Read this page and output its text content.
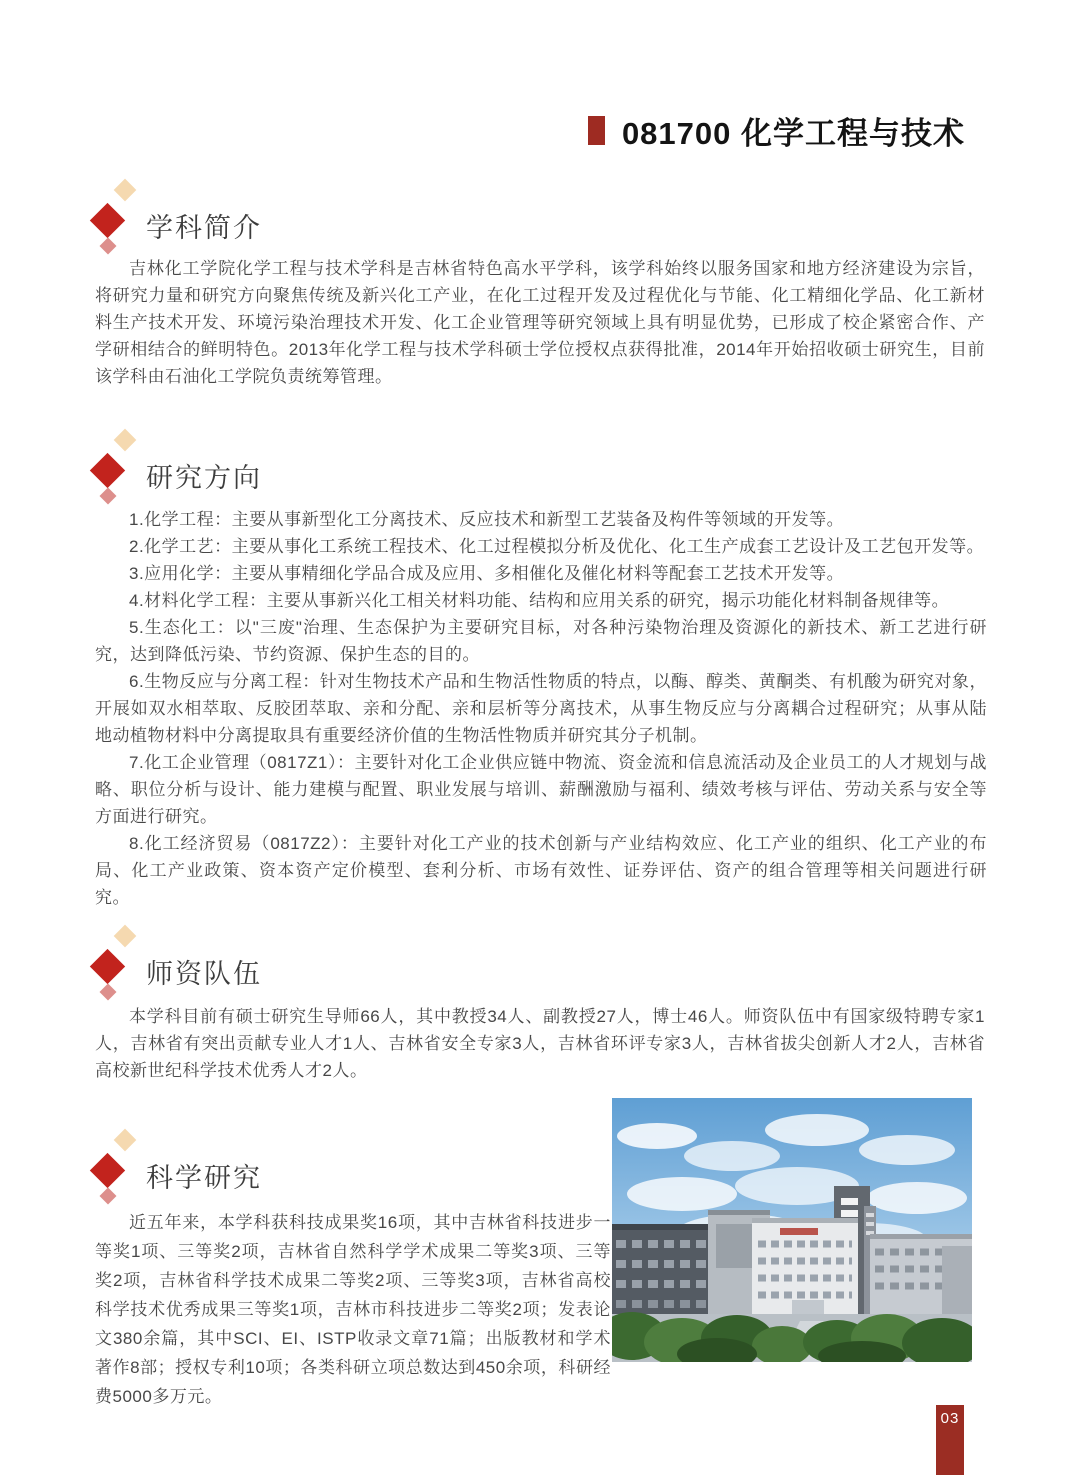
081700 化学工程与技术
学科简介

吉林化工学院化学工程与技术学科是吉林省特色高水平学科，该学科始终以服务国家和地方经济建设为宗旨，将研究力量和研究方向聚焦传统及新兴化工产业，在化工过程开发及过程优化与节能、化工精细化学品、化工新材料生产技术开发、环境污染治理技术开发、化工企业管理等研究领域上具有明显优势，已形成了校企紧密合作、产学研相结合的鲜明特色。2013年化学工程与技术学科硕士学位授权点获得批准，2014年开始招收硕士研究生，目前该学科由石油化工学院负责统筹管理。

研究方向
1.化学工程：主要从事新型化工分离技术、反应技术和新型工艺装备及构件等领域的开发等。
2.化学工艺：主要从事化工系统工程技术、化工过程模拟分析及优化、化工生产成套工艺设计及工艺包开发等。
3.应用化学：主要从事精细化学品合成及应用、多相催化及催化材料等配套工艺技术开发等。
4.材料化学工程：主要从事新兴化工相关材料功能、结构和应用关系的研究，揭示功能化材料制备规律等。
5.生态化工：以"三废"治理、生态保护为主要研究目标，对各种污染物治理及资源化的新技术、新工艺进行研究，达到降低污染、节约资源、保护生态的目的。
6.生物反应与分离工程：针对生物技术产品和生物活性物质的特点，以酶、醇类、黄酮类、有机酸为研究对象，开展如双水相萃取、反胶团萃取、亲和分配、亲和层析等分离技术，从事生物反应与分离耦合过程研究；从事从陆地动植物材料中分离提取具有重要经济价值的生物活性物质并研究其分子机制。
7.化工企业管理（0817Z1）：主要针对化工企业供应链中物流、资金流和信息流活动及企业员工的人才规划与战略、职位分析与设计、能力建模与配置、职业发展与培训、薪酬激励与福利、绩效考核与评估、劳动关系与安全等方面进行研究。
8.化工经济贸易（0817Z2）：主要针对化工产业的技术创新与产业结构效应、化工产业的组织、化工产业的布局、化工产业政策、资本资产定价模型、套利分析、市场有效性、证券评估、资产的组合管理等相关问题进行研究。
师资队伍

本学科目前有硕士研究生导师66人，其中教授34人、副教授27人，博士46人。师资队伍中有国家级特聘专家1人，吉林省有突出贡献专业人才1人、吉林省安全专家3人，吉林省环评专家3人，吉林省拔尖创新人才2人，吉林省高校新世纪科学技术优秀人才2人。

科学研究

近五年来，本学科获科技成果奖16项，其中吉林省科技进步一等奖1项、三等奖2项，吉林省自然科学学术成果二等奖3项、三等奖2项，吉林省科学技术成果二等奖2项、三等奖3项，吉林省高校科学技术优秀成果三等奖1项，吉林市科技进步二等奖2项；发表论文380余篇，其中SCI、EI、ISTP收录文章71篇；出版教材和学术著作8部；授权专利10项；各类科研立项总数达到450余项，科研经费5000多万元。

03
